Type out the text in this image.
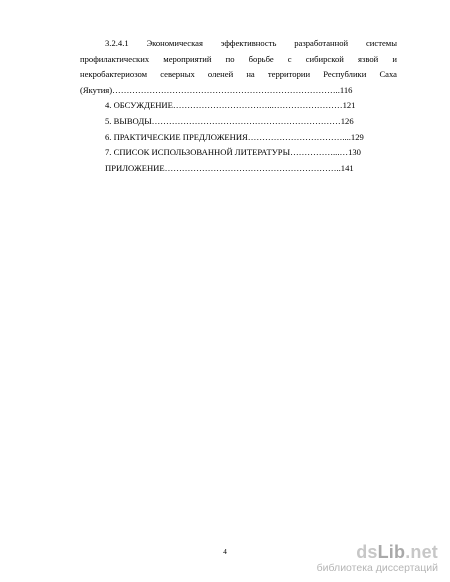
3.2.4.1 Экономическая эффективность разработанной системы

профилактических мероприятий по борьбе с сибирской язвой и

некробактериозом северных оленей на территории Республики Саха

(Якутия)……………………………………………………………………..116

4. ОБСУЖДЕНИЕ……………………………...……………………121
5. ВЫВОДЫ…………………………………………………………126
6. ПРАКТИЧЕСКИЕ ПРЕДЛОЖЕНИЯ……………………………....129
7. СПИСОК ИСПОЛЬЗОВАННОЙ ЛИТЕРАТУРЫ……………...…130
ПРИЛОЖЕНИЕ……………………………………………………..141
4	dsLib.net
библиотека диссертаций
